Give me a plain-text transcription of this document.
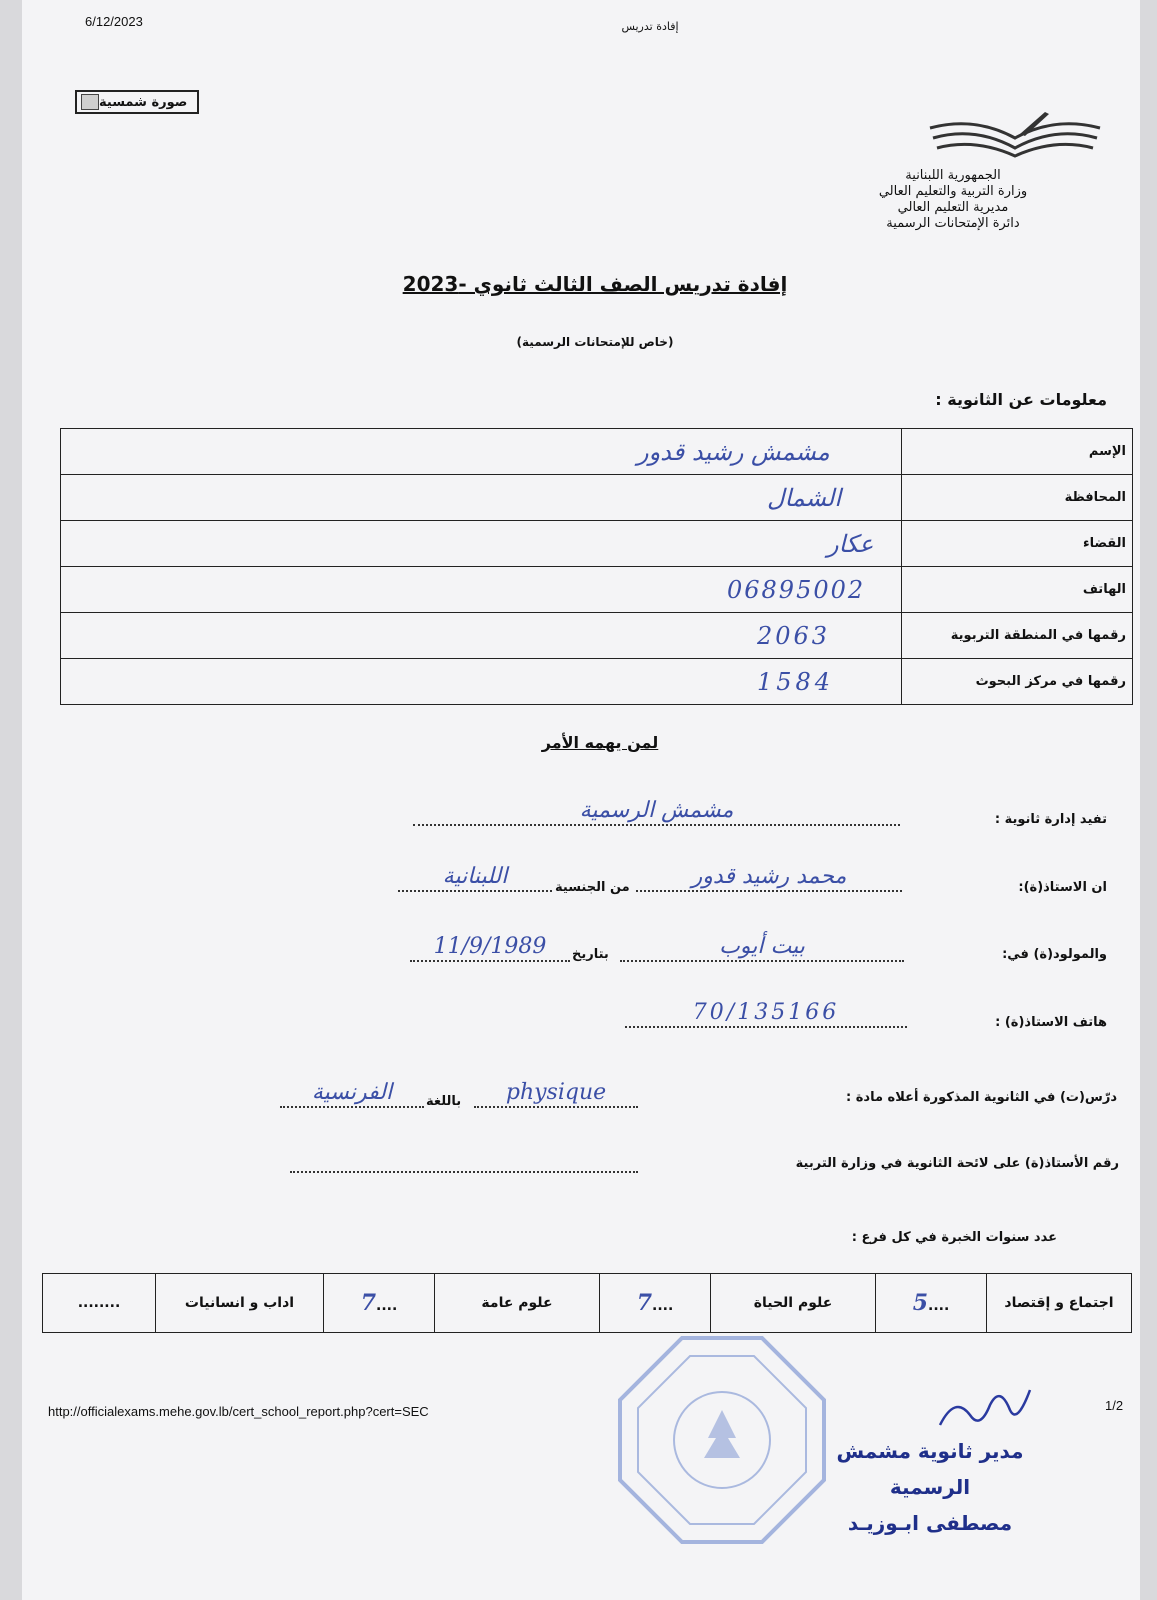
6/12/2023	إفادة تدريس
صورة شمسية
الجمهورية اللبنانية
وزارة التربية والتعليم العالي
مديرية التعليم العالي
دائرة الإمتحانات الرسمية
إفادة تدريس الصف الثالث ثانوي -2023
(خاص للإمتحانات الرسمية)
معلومات عن الثانوية :
مشمش رشيد قدور	الإسم
الشمال	المحافظة
عكار	القضاء
06895002	الهاتف
2063	رقمها في المنطقة التربوية
1584	رقمها في مركز البحوث
لمن يهمه الأمر
تفيد إدارة ثانوية :
مشمش الرسمية
ان الاستاذ(ة):
محمد رشيد قدور
من الجنسية
اللبنانية
والمولود(ة) في:
بيت أيوب
بتاريخ
11/9/1989
هاتف الاستاذ(ة) :
70/135166
درّس(ت) في الثانوية المذكورة أعلاه مادة :
physique
باللغة
الفرنسية
رقم الأستاذ(ة) على لائحة الثانوية في وزارة التربية
عدد سنوات الخبرة في كل فرع :
........	اداب و انسانيات	7....	علوم عامة	7....	علوم الحياة	5....	اجتماع و إقتصاد
http://officialexams.mehe.gov.lb/cert_school_report.php?cert=SEC	1/2
مدير ثانوية مشمش الرسمية
مصطفى ابـوزيـد
